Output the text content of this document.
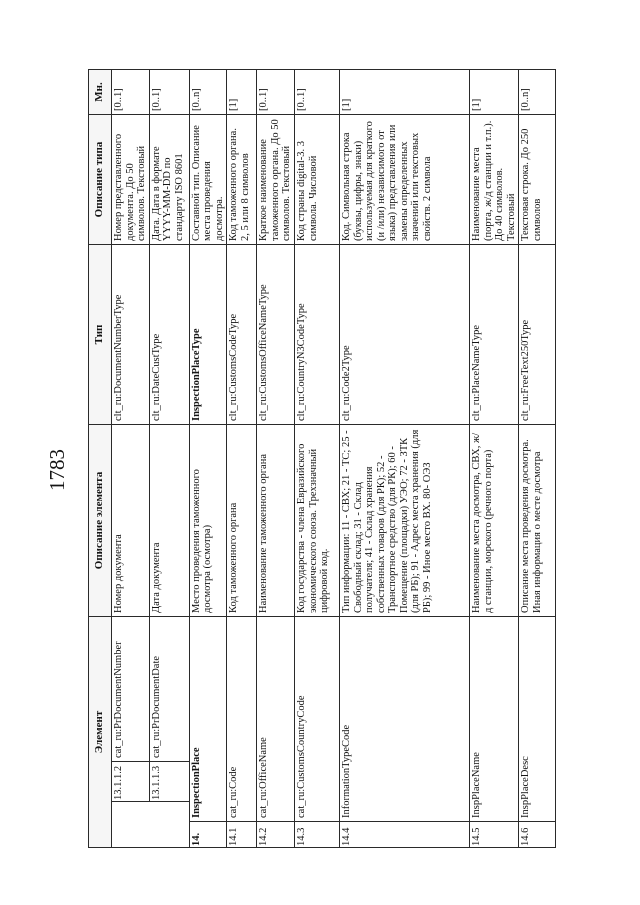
1783
Элемент				Описание элемента	Тип	Описание типа	Мн.
		13.1.1.2	cat_ru:PrDocumentNumber	Номер документа	clt_ru:DocumentNumberType	Номер представленного документа. До 50 символов. Текстовый	[0..1]
		13.1.1.3	cat_ru:PrDocumentDate	Дата документа	clt_ru:DateCustType	Дата. Дата в формате YYYY-MM-DD по стандарту ISO 8601	[0..1]
14.	InspectionPlace			Место проведения таможенного досмотра (осмотра)	InspectionPlaceType	Составной тип. Описание места проведения досмотра.	[0..n]
14.1	cat_ru:Code			Код таможенного органа	clt_ru:CustomsCodeType	Код таможенного органа. 2, 5 или 8 символов	[1]
14.2	cat_ru:OfficeName			Наименование таможенного органа	clt_ru:CustomsOfficeNameType	Краткое наименование таможенного органа. До 50 символов. Текстовый	[0..1]
14.3	cat_ru:CustomsCountryCode			Код государства - члена Евразийского экономического союза. Трехзначный цифровой код.	clt_ru:CountryN3CodeType	Код страны digital-3. 3 символа. Числовой	[0..1]
14.4	InformationTypeCode			Тип информации: 11 - СВХ; 21 - ТС; 25 - Свободный склад; 31 - Склад получателя; 41 - Склад хранения собственных товаров (для РК); 52 - Транспортное средство (для РК); 60 - Помещение (площадки) УЭО; 72 - ЗТК (для РБ); 91 - Адрес места хранения (для РБ); 99 - Иное место ВХ. 80- ОЭЗ	clt_ru:Code2Type	Код. Символьная строка (буквы, цифры, знаки) используемая для краткого (и /или) независимого от языка) представления или замены определенных значений или текстовых свойств. 2 символа	[1]
14.5	InspPlaceName			Наименование места досмотра, СВХ, ж/д станции, морского (речного порта)	clt_ru:PlaceNameType	Наименование места (порта, ж/д станции и т.п.). До 40 символов. Текстовый	[1]
14.6	InspPlaceDesc			Описание места проведения досмотра. Иная информация о месте досмотра	clt_ru:FreeText250Type	Текстовая строка. До 250 символов	[0..n]
